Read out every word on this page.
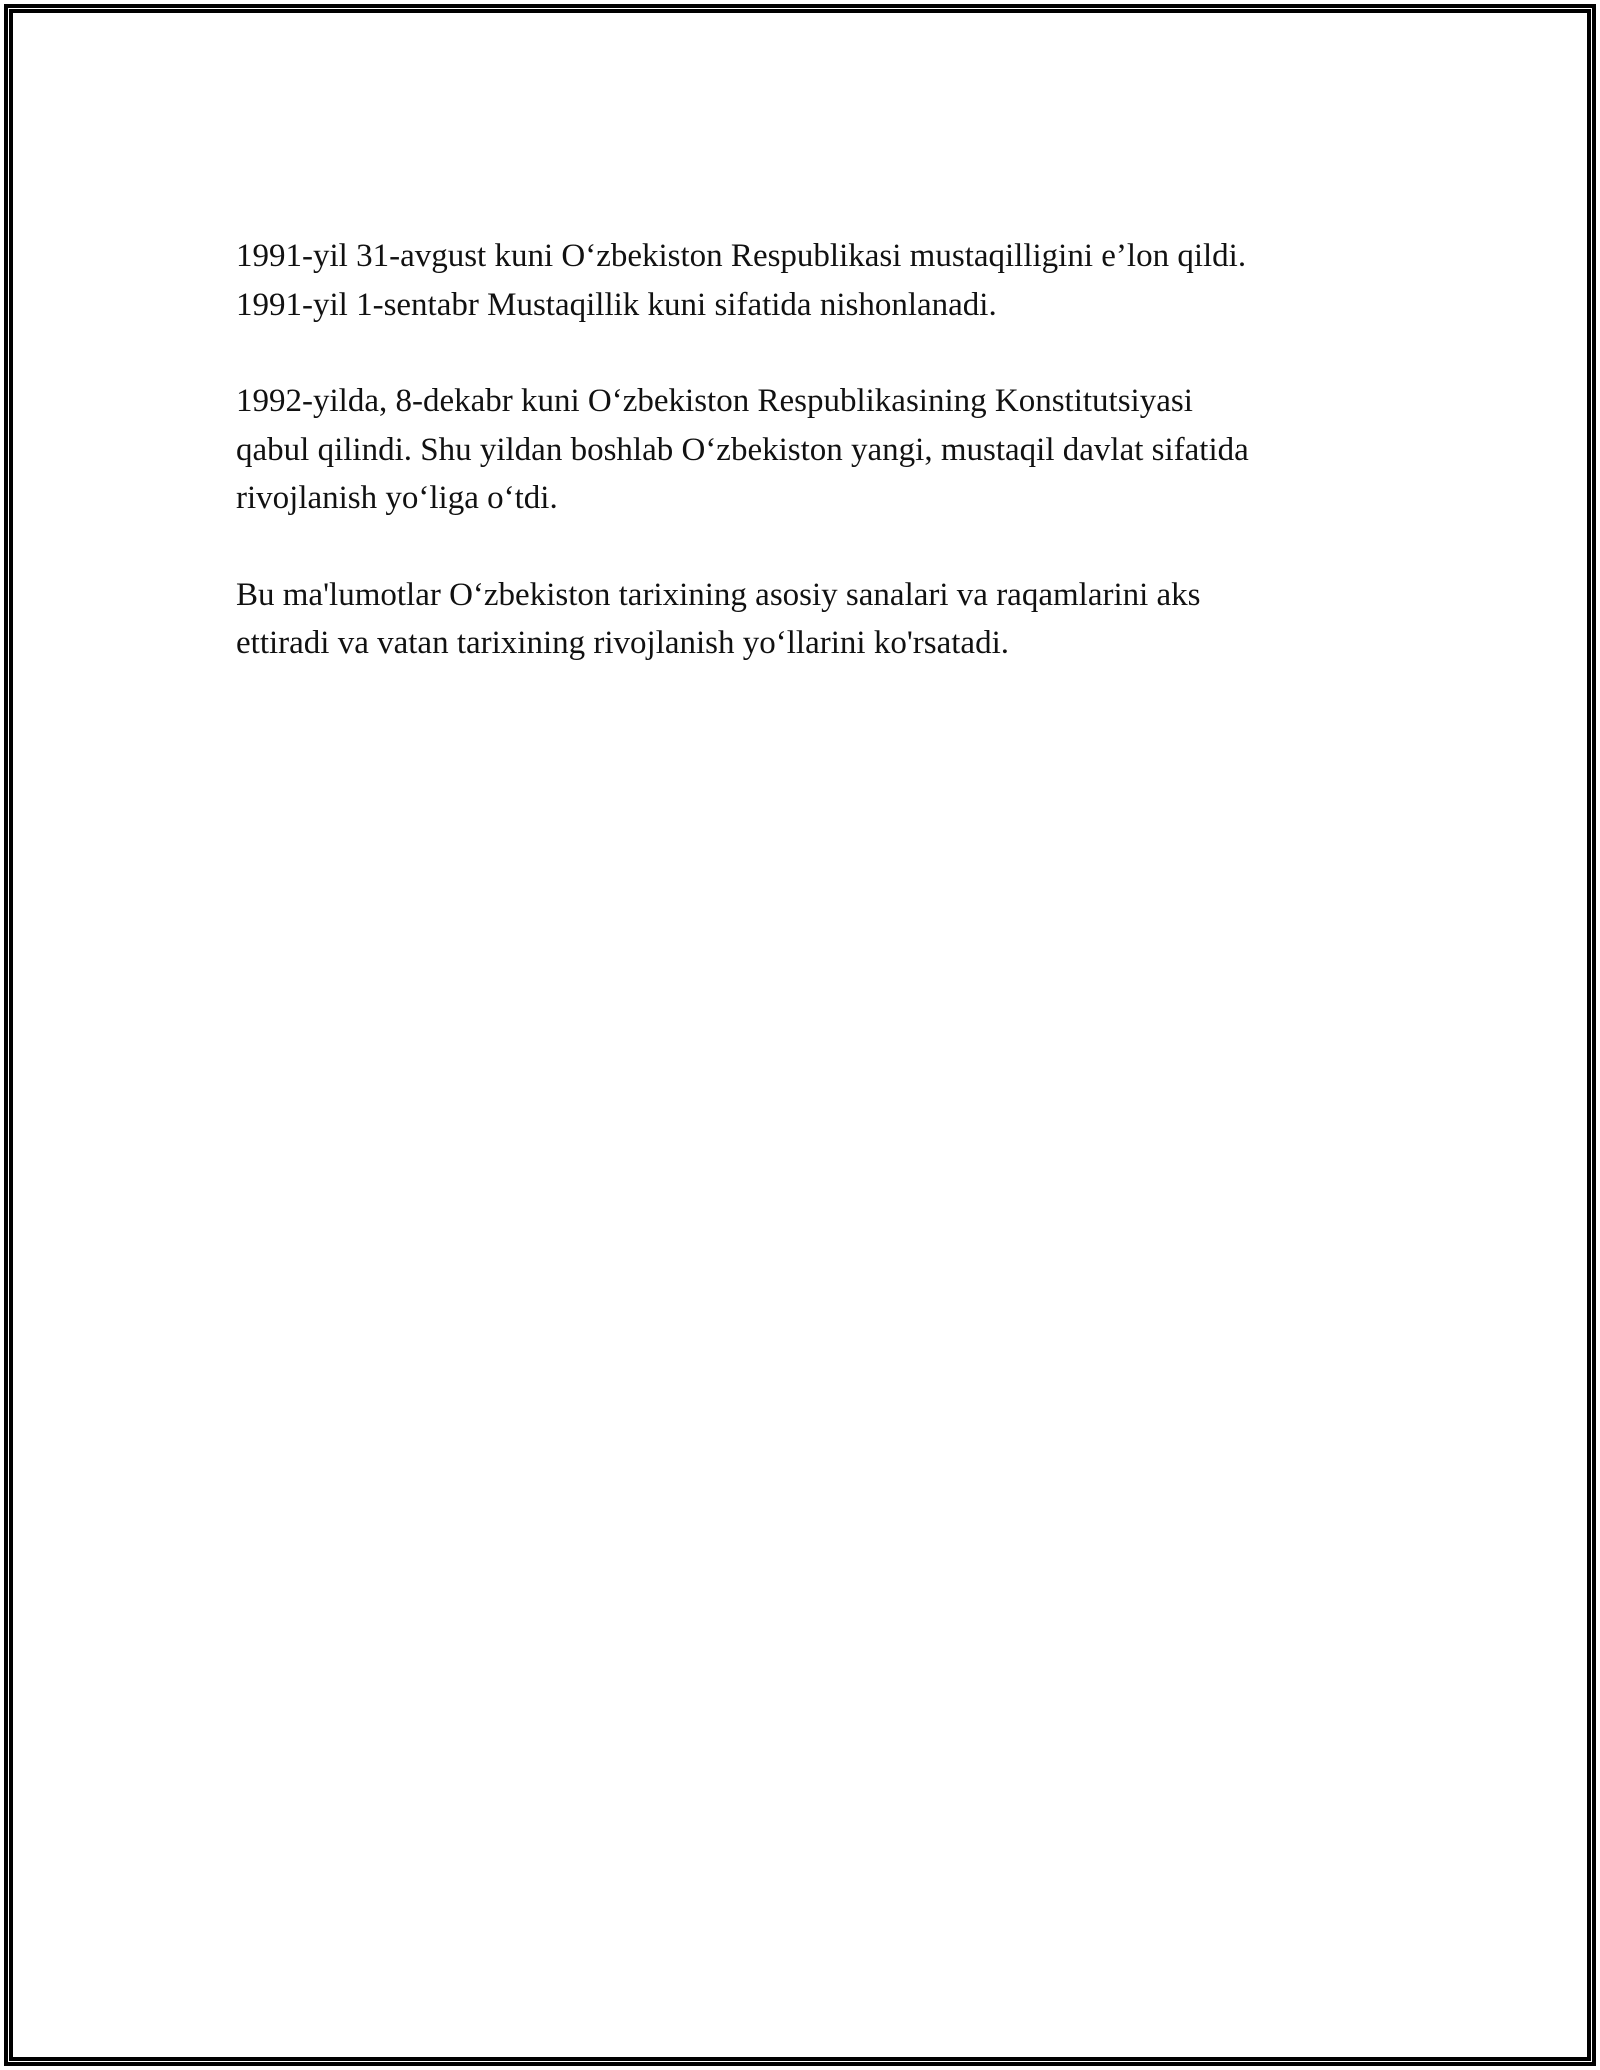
1991-yil 31-avgust kuni O‘zbekiston Respublikasi mustaqilligini e’lon qildi.
1991-yil 1-sentabr Mustaqillik kuni sifatida nishonlanadi.

1992-yilda, 8-dekabr kuni O‘zbekiston Respublikasining Konstitutsiyasi
qabul qilindi. Shu yildan boshlab O‘zbekiston yangi, mustaqil davlat sifatida
rivojlanish yo‘liga o‘tdi.

Bu ma'lumotlar O‘zbekiston tarixining asosiy sanalari va raqamlarini aks
ettiradi va vatan tarixining rivojlanish yo‘llarini ko'rsatadi.
